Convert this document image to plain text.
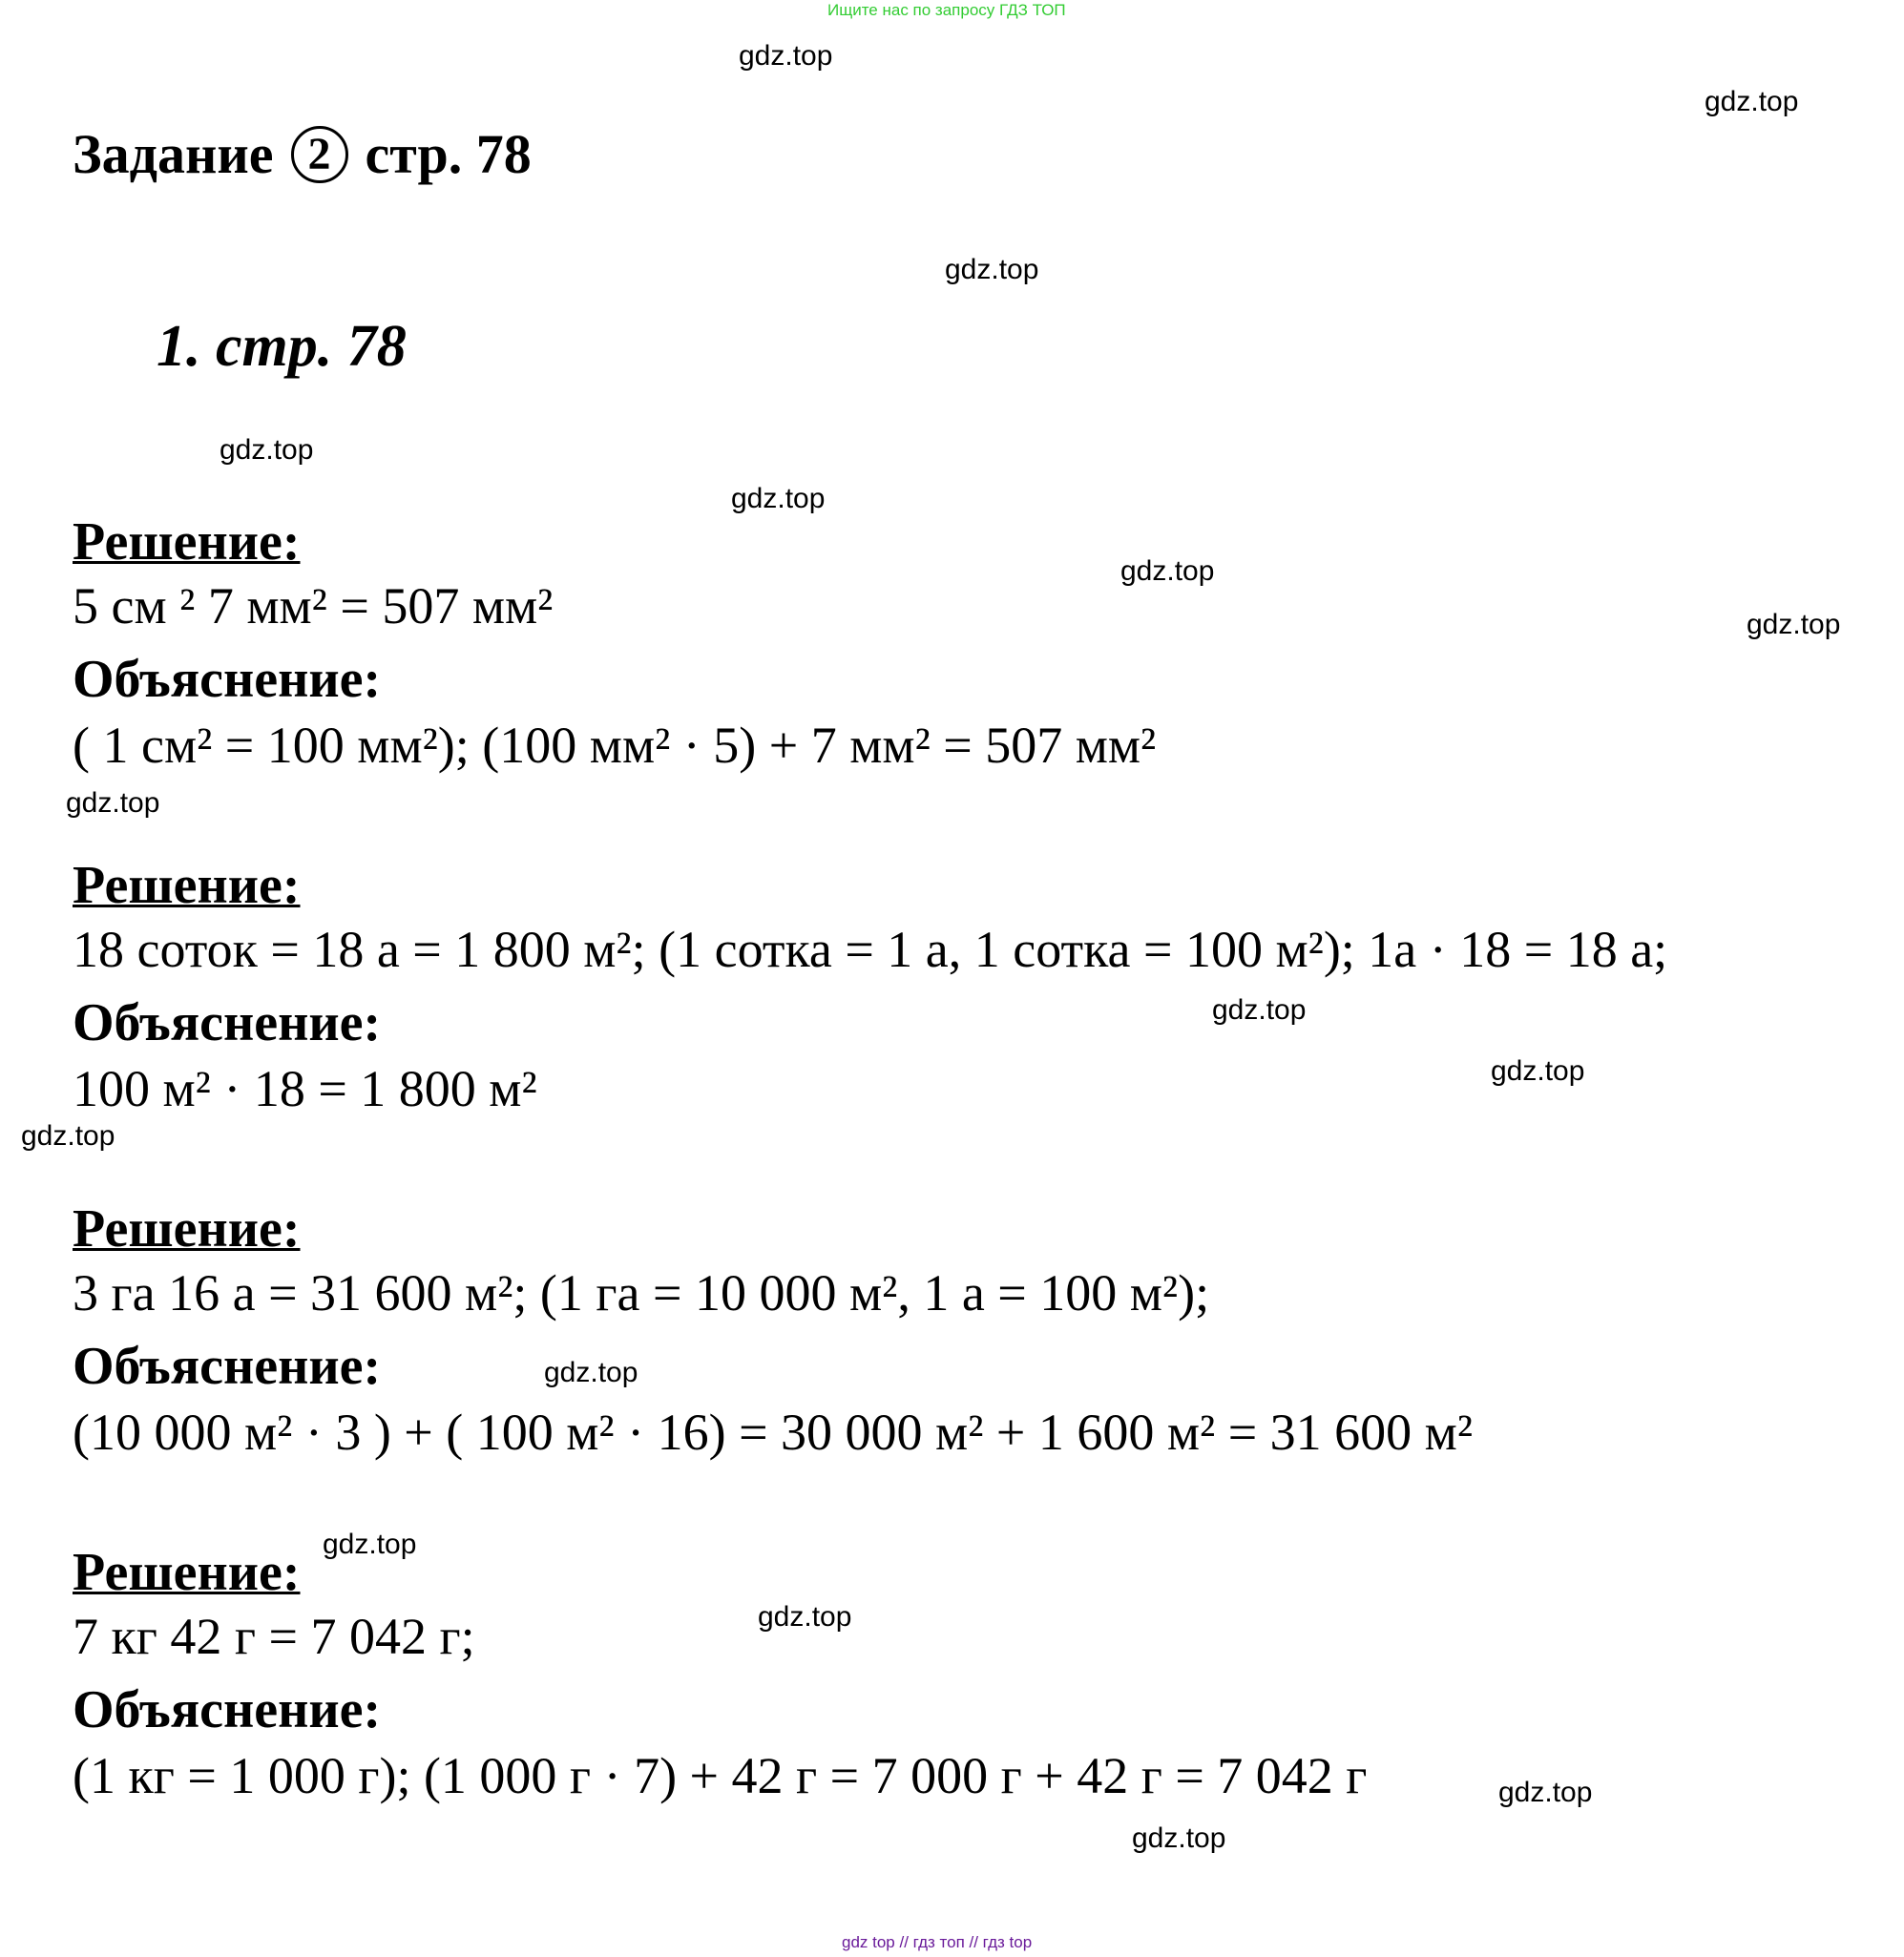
Ищите нас по запросу ГДЗ ТОП
gdz.top
gdz.top
gdz.top
gdz.top
gdz.top
gdz.top
gdz.top
gdz.top
gdz.top
gdz.top
gdz.top
gdz.top
gdz.top
gdz.top
gdz.top
gdz.top
Задание 2 стр. 78
1. стр. 78
Решение:
5 см ² 7 мм² = 507 мм²
Объяснение:
( 1 см² = 100 мм²); (100 мм² · 5) + 7 мм² = 507 мм²
Решение:
18 соток = 18 а = 1 800 м²; (1 сотка = 1 а, 1 сотка = 100 м²); 1а · 18 = 18 а;
Объяснение:
100 м² · 18 = 1 800 м²
Решение:
3 га 16 а = 31 600 м²; (1 га = 10 000 м², 1 а = 100 м²);
Объяснение:
(10 000 м² · 3 ) + ( 100 м² · 16) = 30 000 м² + 1 600 м² = 31 600 м²
Решение:
7 кг 42 г = 7 042 г;
Объяснение:
(1 кг = 1 000 г); (1 000 г · 7) + 42 г = 7 000 г + 42 г = 7 042 г
gdz top // гдз топ // гдз top
